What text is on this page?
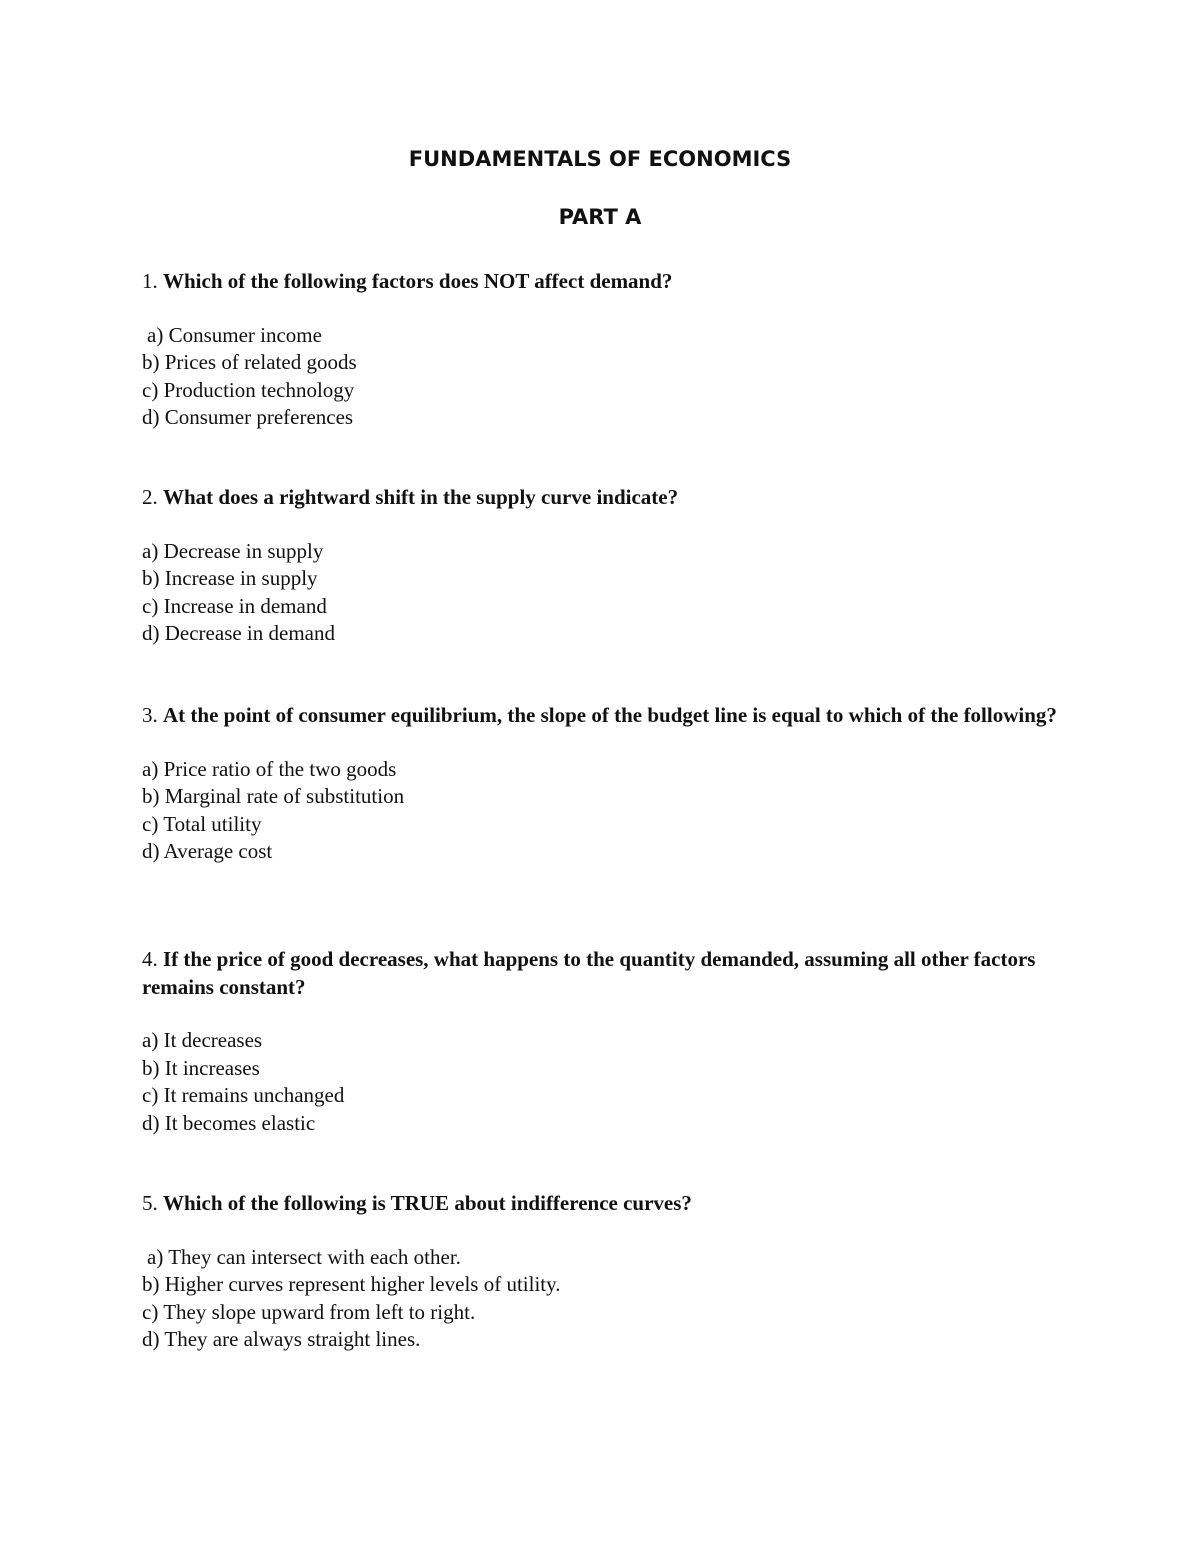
FUNDAMENTALS OF ECONOMICS
PART A

1. Which of the following factors does NOT affect demand?

a) Consumer income
b) Prices of related goods
c) Production technology
d) Consumer preferences

2. What does a rightward shift in the supply curve indicate?

a) Decrease in supply
b) Increase in supply
c) Increase in demand
d) Decrease in demand

3. At the point of consumer equilibrium, the slope of the budget line is equal to which of the following?

a) Price ratio of the two goods
b) Marginal rate of substitution
c) Total utility
d) Average cost

4. If the price of good decreases, what happens to the quantity demanded, assuming all other factors remains constant?

a) It decreases
b) It increases
c) It remains unchanged
d) It becomes elastic

5. Which of the following is TRUE about indifference curves?

a) They can intersect with each other.
b) Higher curves represent higher levels of utility.
c) They slope upward from left to right.
d) They are always straight lines.
